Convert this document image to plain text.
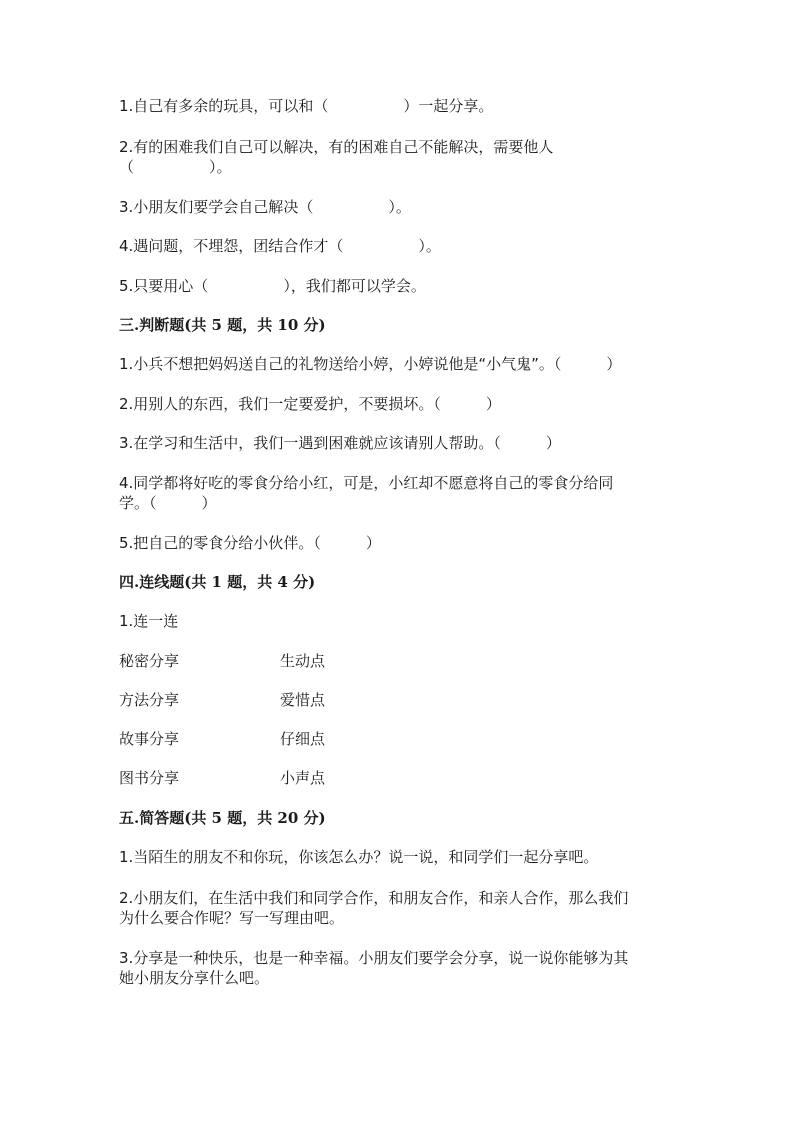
1.自己有多余的玩具，可以和（　　　　　）一起分享。

2.有的困难我们自己可以解决，有的困难自己不能解决，需要他人

（　　　　　）。

3.小朋友们要学会自己解决（　　　　　）。

4.遇问题，不埋怨，团结合作才（　　　　　）。

5.只要用心（　　　　　），我们都可以学会。

三.判断题(共 5 题，共 10 分)

1.小兵不想把妈妈送自己的礼物送给小婷，小婷说他是“小气鬼”。（　　　）

2.用别人的东西，我们一定要爱护，不要损坏。（　　　）

3.在学习和生活中，我们一遇到困难就应该请别人帮助。（　　　）

4.同学都将好吃的零食分给小红，可是，小红却不愿意将自己的零食分给同

学。（　　　）

5.把自己的零食分给小伙伴。（　　　）

四.连线题(共 1 题，共 4 分)

1.连一连

秘密分享	生动点

方法分享	爱惜点

故事分享	仔细点

图书分享	小声点

五.简答题(共 5 题，共 20 分)

1.当陌生的朋友不和你玩，你该怎么办？说一说，和同学们一起分享吧。

2.小朋友们，在生活中我们和同学合作，和朋友合作，和亲人合作，那么我们

为什么要合作呢？写一写理由吧。

3.分享是一种快乐，也是一种幸福。小朋友们要学会分享，说一说你能够为其

她小朋友分享什么吧。
